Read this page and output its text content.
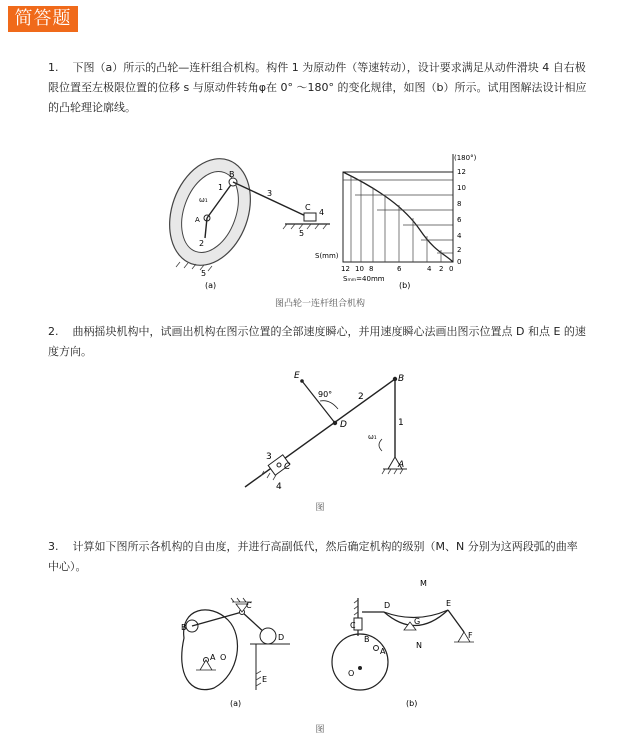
简答题
1. 下图（a）所示的凸轮—连杆组合机构。构件 1 为原动件（等速转动），设计要求满足从动件滑块 4 自右极限位置至左极限位置的位移 s 与原动件转角φ在 0° ～180° 的变化规律，如图（b）所示。试用图解法设计相应的凸轮理论廓线。
B
1
3
C
4
2
5
5
ω₁
A
(a)
(180°)
12
10
8
6
4
2
0
12 10 8	6	4 2 0
S(mm)
Sₘₘ=40mm
(b)
图凸轮一连杆组合机构
2. 曲柄摇块机构中，试画出机构在图示位置的全部速度瞬心，并用速度瞬心法画出图示位置点 D 和点 E 的速度方向。
E
90°	2
B
D	1
ω₁
3
C
4
A
图
3. 计算如下图所示各机构的自由度，并进行高副低代，然后确定机构的级别（M、N 分别为这两段弧的曲率中心）。
C
B
D
A O
E
(a)
M
C
D	E
G
B
N
F
O
A
(b)
图
